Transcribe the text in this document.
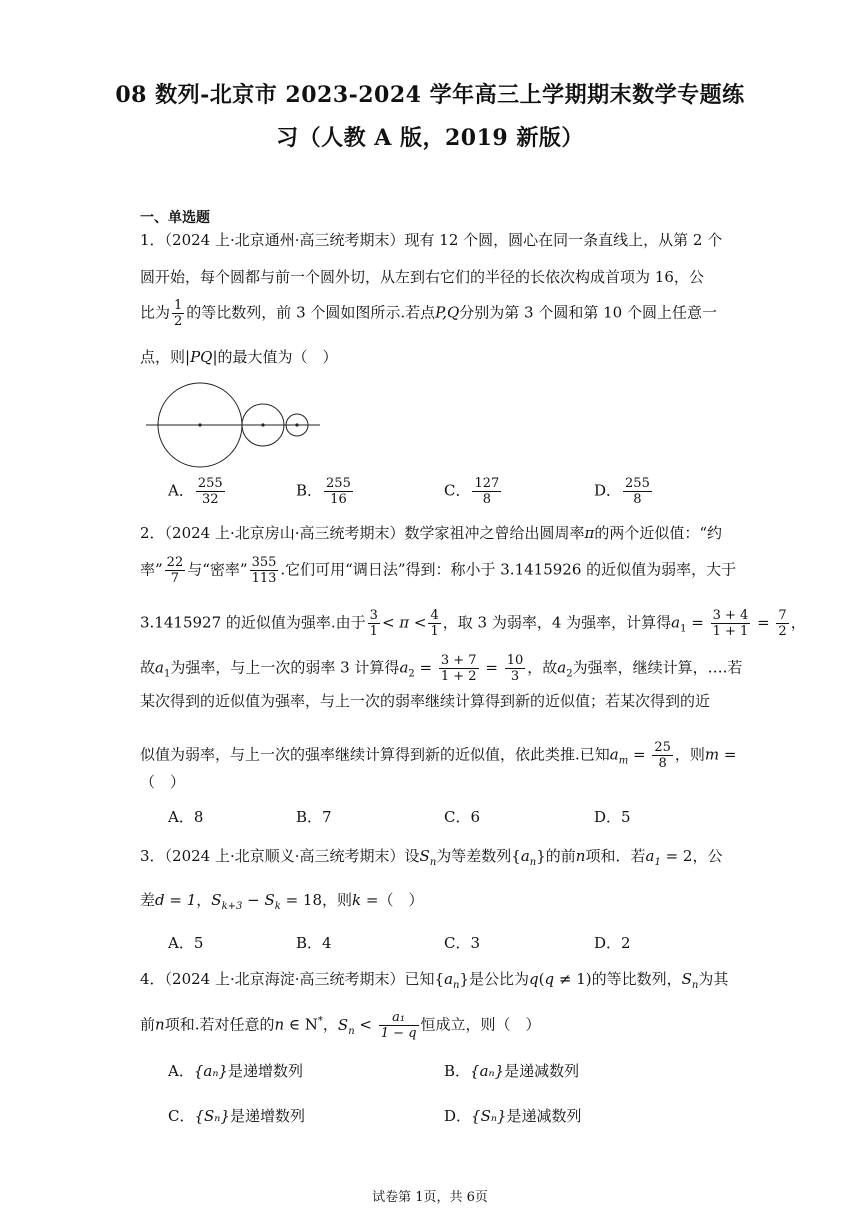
08 数列-北京市 2023-2024 学年高三上学期期末数学专题练
习（人教 A 版，2019 新版）
一、单选题
1．（2024 上·北京通州·高三统考期末）现有 12 个圆，圆心在同一条直线上，从第 2 个
圆开始，每个圆都与前一个圆外切，从左到右它们的半径的长依次构成首项为 16，公
比为 $\frac{1}{2}$ 的等比数列，前 3 个圆如图所示.若点P,Q分别为第 3 个圆和第 10 个圆上任意一
点，则|PQ|的最大值为（　）
A． $\frac{255}{32}$	B． $\frac{255}{16}$	C． $\frac{127}{8}$	D． $\frac{255}{8}$
2．（2024 上·北京房山·高三统考期末）数学家祖冲之曾给出圆周率π的两个近似值：“约
率” $\frac{22}{7}$ 与“密率” $\frac{355}{113}$ .它们可用“调日法”得到：称小于 3.1415926 的近似值为弱率，大于
3.1415927 的近似值为强率.由于 $\frac{3}{1} < \pi < \frac{4}{1}$ ，取 3 为弱率，4 为强率，计算得$a_1 = \frac{3 + 4}{1 + 1} = \frac{7}{2}$ ，
故$a_1$为强率，与上一次的弱率 3 计算得$a_2 = \frac{3 + 7}{1 + 2} = \frac{10}{3}$ ，故$a_2$为强率，继续计算，….若
某次得到的近似值为强率，与上一次的弱率继续计算得到新的近似值；若某次得到的近
似值为弱率，与上一次的强率继续计算得到新的近似值，依此类推.已知$a_m = \frac{25}{8}$ ，则m =
（　）
A．8	B．7	C．6	D．5
3．（2024 上·北京顺义·高三统考期末）设$S_n$为等差数列$\{a_n\}$的前n项和．若$a_1 = 2$，公
差d = 1，$S_{k+3} - S_k = 18$，则k =（　）
A．5	B．4	C．3	D．2
4．（2024 上·北京海淀·高三统考期末）已知$\{a_n\}$是公比为q(q ≠ 1)的等比数列，$S_n$为其
前n项和.若对任意的n ∈ N*，$S_n < \frac{\text{a₁}}{1 - q}$ 恒成立，则（　）
A．{aₙ}是递增数列	B．{aₙ}是递减数列
C．{Sₙ}是递增数列	D．{Sₙ}是递减数列
试卷第 1页，共 6页
